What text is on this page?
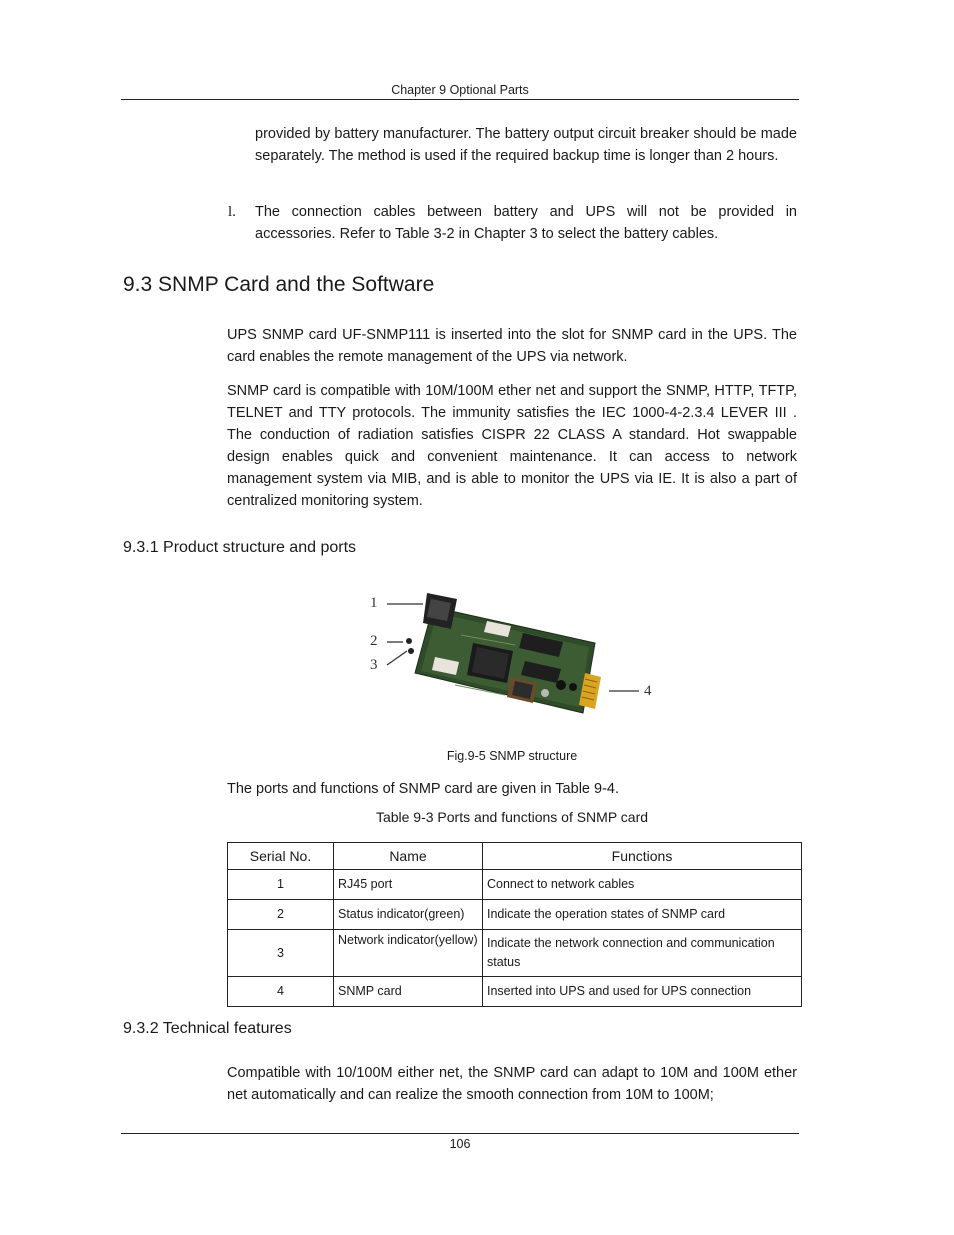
Chapter 9 Optional Parts
provided by battery manufacturer. The battery output circuit breaker should be made separately. The method is used if the required backup time is longer than 2 hours.
l. The connection cables between battery and UPS will not be provided in accessories. Refer to Table 3-2 in Chapter 3 to select the battery cables.
9.3 SNMP Card and the Software
UPS SNMP card UF-SNMP111 is inserted into the slot for SNMP card in the UPS. The card enables the remote management of the UPS via network.
SNMP card is compatible with 10M/100M ether net and support the SNMP, HTTP, TFTP, TELNET and TTY protocols. The immunity satisfies the IEC 1000-4-2.3.4 LEVER III . The conduction of radiation satisfies CISPR 22 CLASS A standard. Hot swappable design enables quick and convenient maintenance. It can access to network management system via MIB, and is able to monitor the UPS via IE. It is also a part of centralized monitoring system.
9.3.1 Product structure and ports
1
2
3
4
Fig.9-5 SNMP structure
The ports and functions of SNMP card are given in Table 9-4.
Table 9-3 Ports and functions of SNMP card
Serial No.	Name	Functions
1	RJ45 port	Connect to network cables
2	Status indicator(green)	Indicate the operation states of SNMP card
3	Network indicator(yellow)	Indicate the network connection and communication status
4	SNMP card	Inserted into UPS and used for UPS connection
9.3.2 Technical features
Compatible with 10/100M either net, the SNMP card can adapt to 10M and 100M ether net automatically and can realize the smooth connection from 10M to 100M;
106
